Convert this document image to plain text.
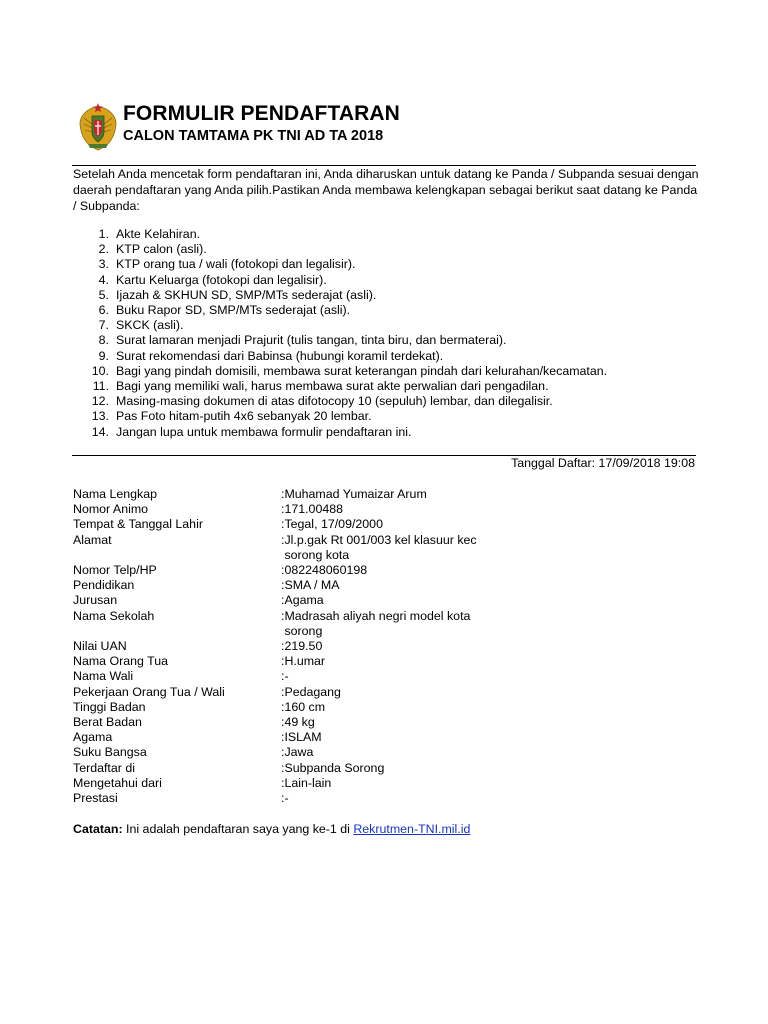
FORMULIR PENDAFTARAN
CALON TAMTAMA PK TNI AD TA 2018
Setelah Anda mencetak form pendaftaran ini, Anda diharuskan untuk datang ke Panda / Subpanda sesuai dengan daerah pendaftaran yang Anda pilih.Pastikan Anda membawa kelengkapan sebagai berikut saat datang ke Panda / Subpanda:
1. Akte Kelahiran.
2. KTP calon (asli).
3. KTP orang tua / wali (fotokopi dan legalisir).
4. Kartu Keluarga (fotokopi dan legalisir).
5. Ijazah & SKHUN SD, SMP/MTs sederajat (asli).
6. Buku Rapor SD, SMP/MTs sederajat (asli).
7. SKCK (asli).
8. Surat lamaran menjadi Prajurit (tulis tangan, tinta biru, dan bermaterai).
9. Surat rekomendasi dari Babinsa (hubungi koramil terdekat).
10. Bagi yang pindah domisili, membawa surat keterangan pindah dari kelurahan/kecamatan.
11. Bagi yang memiliki wali, harus membawa surat akte perwalian dari pengadilan.
12. Masing-masing dokumen di atas difotocopy 10 (sepuluh) lembar, dan dilegalisir.
13. Pas Foto hitam-putih 4x6 sebanyak 20 lembar.
14. Jangan lupa untuk membawa formulir pendaftaran ini.
Tanggal Daftar: 17/09/2018 19:08
Nama Lengkap	:Muhamad Yumaizar Arum
Nomor Animo	:171.00488
Tempat & Tanggal Lahir	:Tegal, 17/09/2000
Alamat	:Jl.p.gak Rt 001/003 kel klasuur kec
sorong kota
Nomor Telp/HP	:082248060198
Pendidikan	:SMA / MA
Jurusan	:Agama
Nama Sekolah	:Madrasah aliyah negri model kota
sorong
Nilai UAN	:219.50
Nama Orang Tua	:H.umar
Nama Wali	:-
Pekerjaan Orang Tua / Wali	:Pedagang
Tinggi Badan	:160 cm
Berat Badan	:49 kg
Agama	:ISLAM
Suku Bangsa	:Jawa
Terdaftar di	:Subpanda Sorong
Mengetahui dari	:Lain-lain
Prestasi	:-
Catatan: Ini adalah pendaftaran saya yang ke-1 di Rekrutmen-TNI.mil.id
